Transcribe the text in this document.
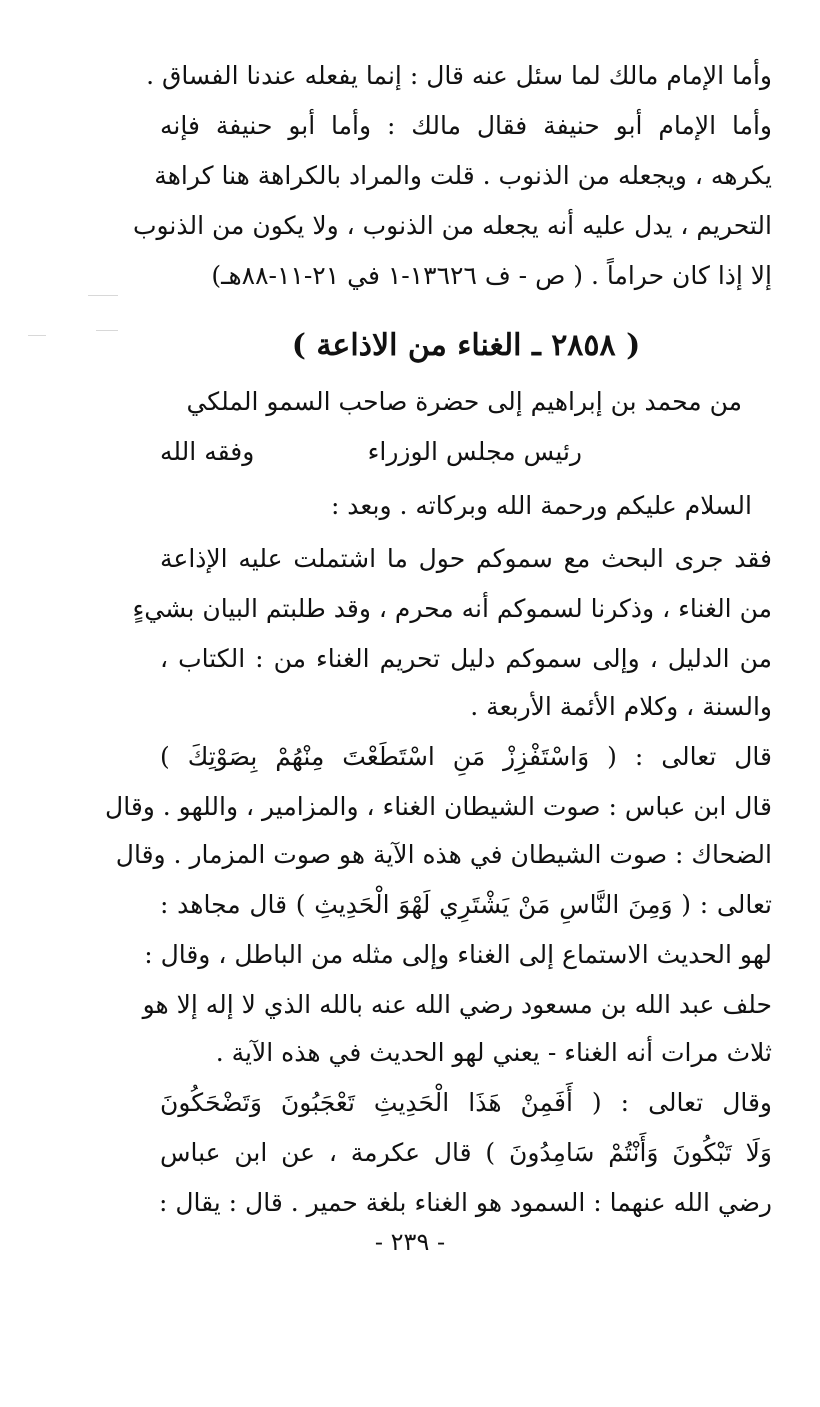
وأما الإمام مالك لما سئل عنه قال : إنما يفعله عندنا الفساق .
وأما الإمام أبو حنيفة فقال مالك : وأما أبو حنيفة فإنه
يكرهه ، ويجعله من الذنوب . قلت والمراد بالكراهة هنا كراهة
التحريم ، يدل عليه أنه يجعله من الذنوب ، ولا يكون من الذنوب
إلا إذا كان حراماً . ( ص - ف ١٣٦٢٦-١ في ٢١-١١-٨٨هـ)
( ٢٨٥٨ ـ الغناء من الاذاعة )
من محمد بن إبراهيم إلى حضرة صاحب السمو الملكي
رئيس مجلس الوزراء
وفقه الله
السلام عليكم ورحمة الله وبركاته . وبعد :
فقد جرى البحث مع سموكم حول ما اشتملت عليه الإذاعة
من الغناء ، وذكرنا لسموكم أنه محرم ، وقد طلبتم البيان بشيءٍ
من الدليل ، وإلى سموكم دليل تحريم الغناء من : الكتاب ،
والسنة ، وكلام الأئمة الأربعة .
قال تعالى : ( وَاسْتَفْزِزْ مَنِ اسْتَطَعْتَ مِنْهُمْ بِصَوْتِكَ )
قال ابن عباس : صوت الشيطان الغناء ، والمزامير ، واللهو . وقال
الضحاك : صوت الشيطان في هذه الآية هو صوت المزمار . وقال
تعالى : ( وَمِنَ النَّاسِ مَنْ يَشْتَرِي لَهْوَ الْحَدِيثِ ) قال مجاهد :
لهو الحديث الاستماع إلى الغناء وإلى مثله من الباطل ، وقال :
حلف عبد الله بن مسعود رضي الله عنه بالله الذي لا إله إلا هو
ثلاث مرات أنه الغناء - يعني لهو الحديث في هذه الآية .
وقال تعالى : ( أَفَمِنْ هَذَا الْحَدِيثِ تَعْجَبُونَ وَتَضْحَكُونَ
وَلَا تَبْكُونَ وَأَنْتُمْ سَامِدُونَ ) قال عكرمة ، عن ابن عباس
رضي الله عنهما : السمود هو الغناء بلغة حمير . قال : يقال :
- ٢٣٩ -
